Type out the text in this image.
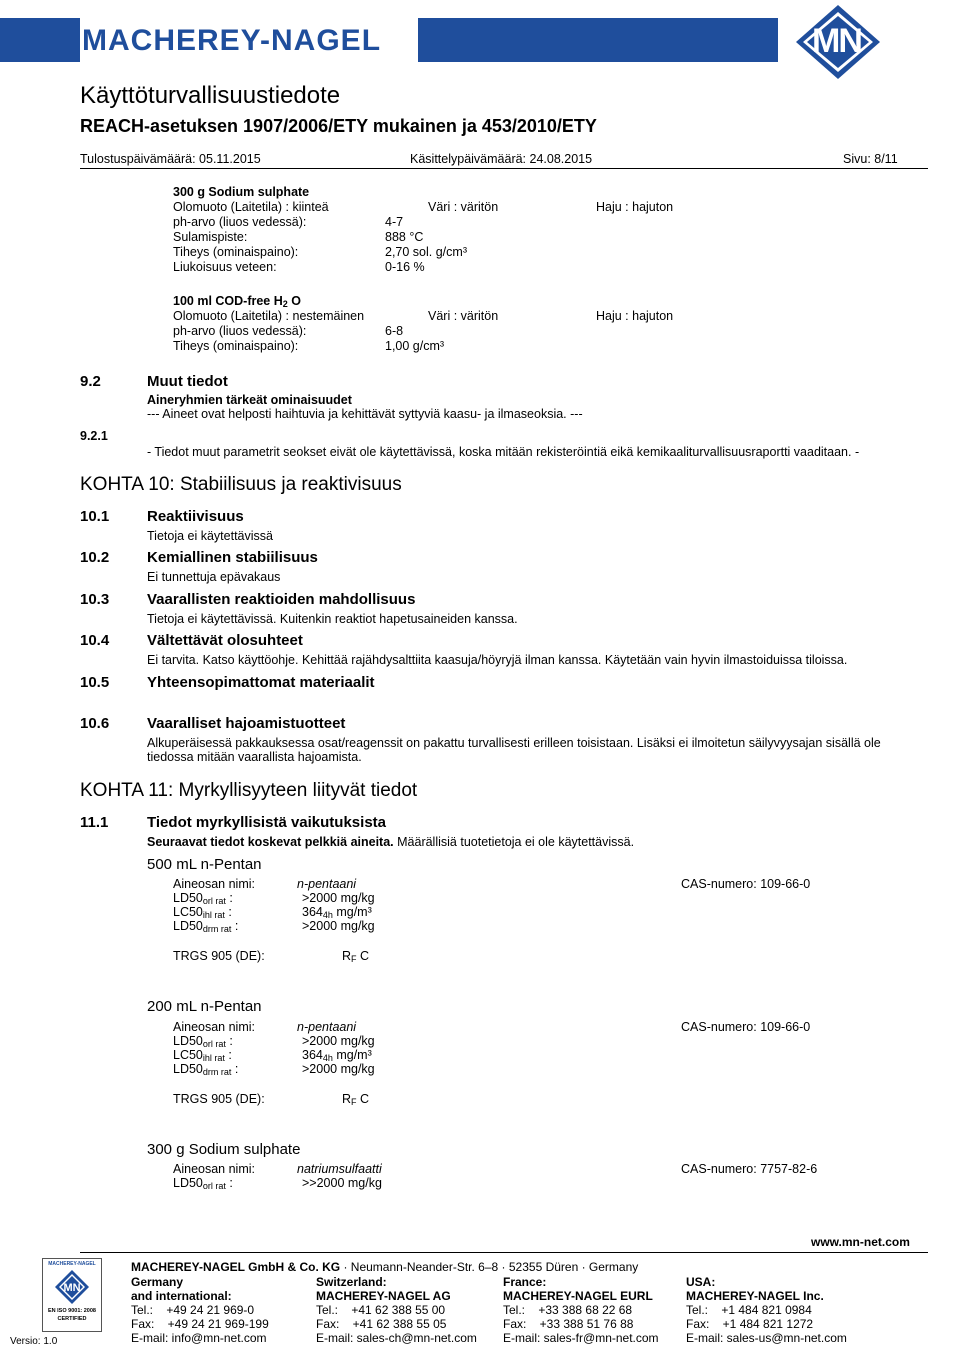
MACHEREY-NAGEL	MN
Käyttöturvallisuustiedote
REACH-asetuksen 1907/2006/ETY mukainen ja 453/2010/ETY
Tulostuspäivämäärä: 05.11.2015	Käsittelypäivämäärä: 24.08.2015	Sivu: 8/11
300 g Sodium sulphate
Olomuoto (Laitetila) : kiinteä	Väri : väritön	Haju : hajuton
ph-arvo (liuos vedessä):	4-7
Sulamispiste:	888 °C
Tiheys (ominaispaino):	2,70 sol. g/cm³
Liukoisuus veteen:	0-16 %
100 ml COD-free $H_2$ O
Olomuoto (Laitetila) : nestemäinen	Väri : väritön	Haju : hajuton
ph-arvo (liuos vedessä):	6-8
Tiheys (ominaispaino):	1,00 g/cm³
9.2	Muut tiedot
Aineryhmien tärkeät ominaisuudet
--- Aineet ovat helposti haihtuvia ja kehittävät syttyviä kaasu- ja ilmaseoksia. ---
9.2.1
- Tiedot muut parametrit seokset eivät ole käytettävissä, koska mitään rekisteröintiä eikä kemikaaliturvallisuusraportti vaaditaan. -
KOHTA 10: Stabiilisuus ja reaktivisuus
10.1	Reaktiivisuus
Tietoja ei käytettävissä
10.2	Kemiallinen stabiilisuus
Ei tunnettuja epävakaus
10.3	Vaarallisten reaktioiden mahdollisuus
Tietoja ei käytettävissä. Kuitenkin reaktiot hapetusaineiden kanssa.
10.4	Vältettävät olosuhteet
Ei tarvita. Katso käyttöohje. Kehittää rajähdysalttiita kaasuja/höyryjä ilman kanssa. Käytetään vain hyvin ilmastoiduissa tiloissa.
10.5	Yhteensopimattomat materiaalit
10.6	Vaaralliset hajoamistuotteet
Alkuperäisessä pakkauksessa osat/reagenssit on pakattu turvallisesti erilleen toisistaan. Lisäksi ei ilmoitetun säilyvyysajan sisällä ole
tiedossa mitään vaarallista hajoamista.
KOHTA 11: Myrkyllisyyteen liityvät tiedot
11.1	Tiedot myrkyllisistä vaikutuksista
Seuraavat tiedot koskevat pelkkiä aineita. Määrällisiä tuotetietoja ei ole käytettävissä.
500 mL n-Pentan
Aineosan nimi:	n-pentaani	CAS-numero: 109-66-0
$LD50_{orl rat}$ :	>2000 mg/kg
$LC50_{ihl rat}$ :	$364_{4h}$ mg/m³
$LD50_{drm rat}$ :	>2000 mg/kg
TRGS 905 (DE):	$R_F$ C
200 mL n-Pentan
Aineosan nimi:	n-pentaani	CAS-numero: 109-66-0
$LD50_{orl rat}$ :	>2000 mg/kg
$LC50_{ihl rat}$ :	$364_{4h}$ mg/m³
$LD50_{drm rat}$ :	>2000 mg/kg
TRGS 905 (DE):	$R_F$ C
300 g Sodium sulphate
Aineosan nimi:	natriumsulfaatti	CAS-numero: 7757-82-6
$LD50_{orl rat}$ :	>>2000 mg/kg
MACHEREY-NAGEL
MN
EN ISO 9001: 2008
CERTIFIED
Versio: 1.0
MACHEREY-NAGEL GmbH & Co. KG · Neumann-Neander-Str. 6–8 · 52355 Düren · Germany
www.mn-net.com
Germany
and international:
Tel.:    +49 24 21 969-0
Fax:    +49 24 21 969-199
E-mail: info@mn-net.com
Switzerland:
MACHEREY-NAGEL AG
Tel.:    +41 62 388 55 00
Fax:    +41 62 388 55 05
E-mail: sales-ch@mn-net.com
France:
MACHEREY-NAGEL EURL
Tel.:    +33 388 68 22 68
Fax:    +33 388 51 76 88
E-mail: sales-fr@mn-net.com
USA:
MACHEREY-NAGEL Inc.
Tel.:    +1 484 821 0984
Fax:    +1 484 821 1272
E-mail: sales-us@mn-net.com
